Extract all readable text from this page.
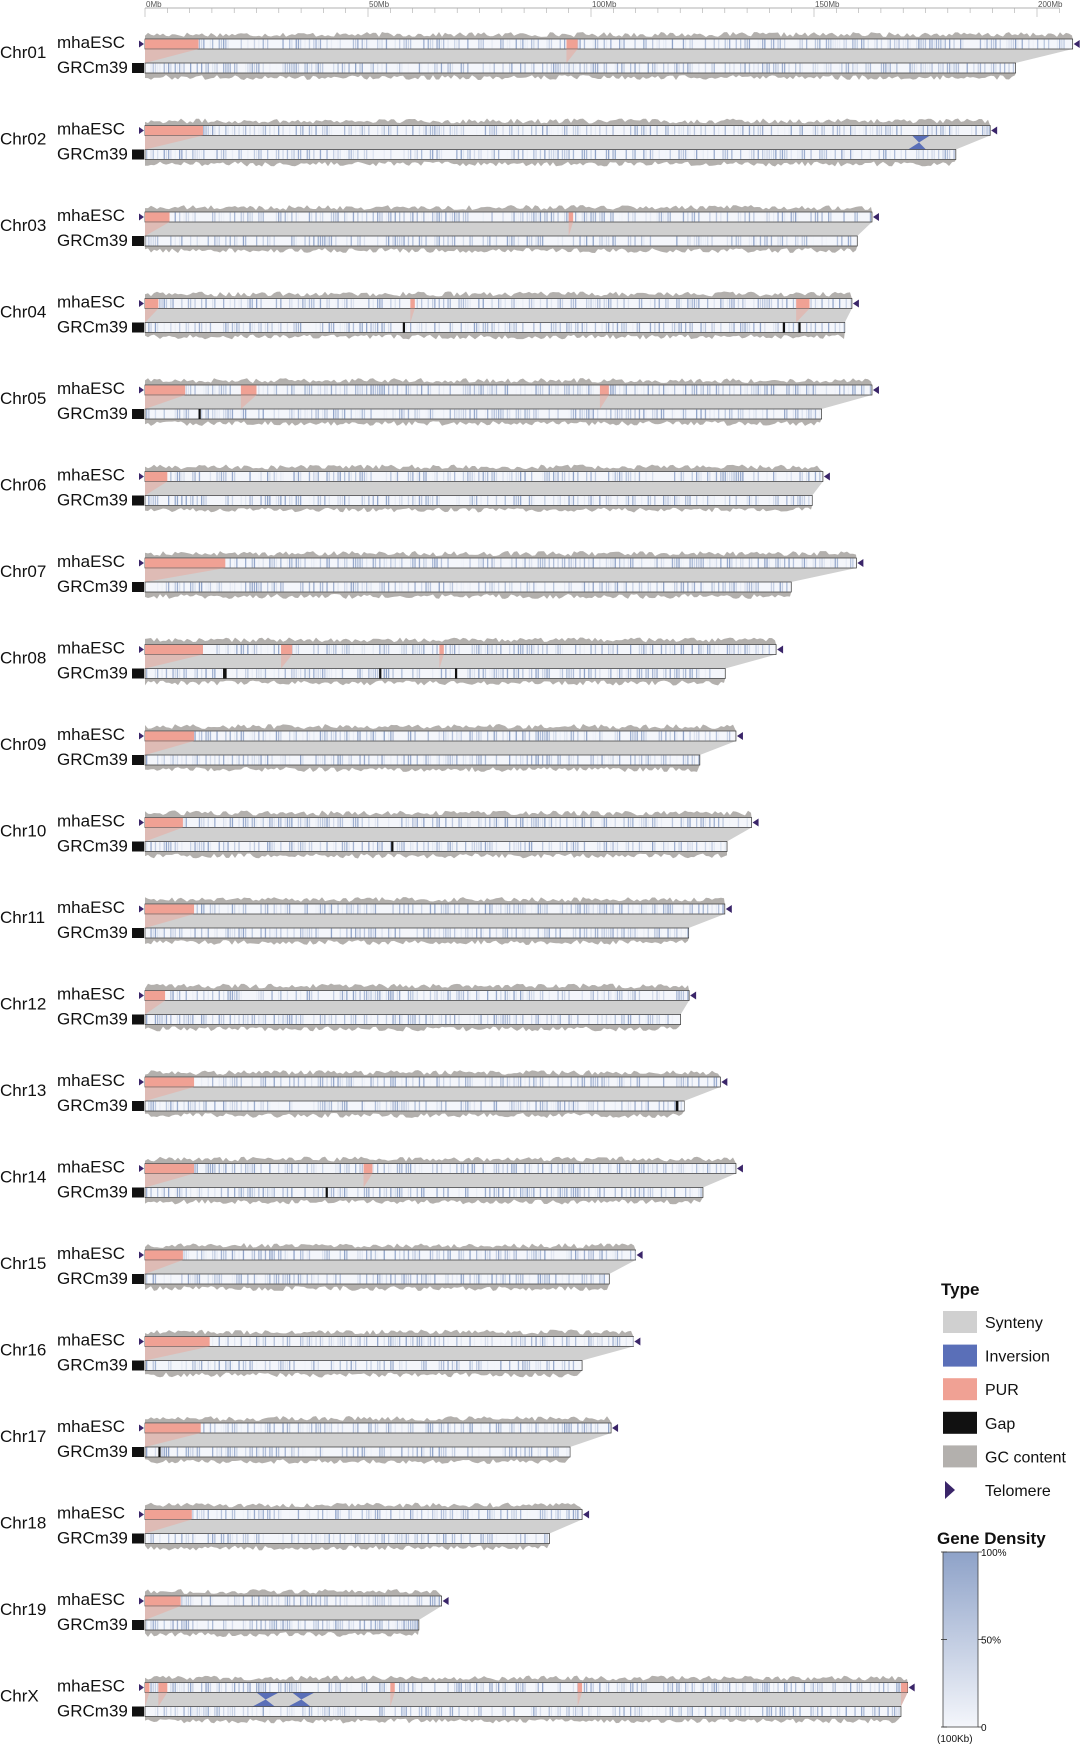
0Mb	50Mb	100Mb	150Mb	200Mb
Chr01
mhaESC
GRCm39
Chr02
mhaESC
GRCm39
Chr03
mhaESC
GRCm39
Chr04
mhaESC
GRCm39
Chr05
mhaESC
GRCm39
Chr06
mhaESC
GRCm39
Chr07
mhaESC
GRCm39
Chr08
mhaESC
GRCm39
Chr09
mhaESC
GRCm39
Chr10
mhaESC
GRCm39
Chr11
mhaESC
GRCm39
Chr12
mhaESC
GRCm39
Chr13
mhaESC
GRCm39
Chr14
mhaESC
GRCm39
Chr15
mhaESC
GRCm39
Chr16
mhaESC
GRCm39
Chr17
mhaESC
GRCm39
Chr18
mhaESC
GRCm39
Chr19
mhaESC
GRCm39
ChrX
mhaESC
GRCm39
Type
Synteny
Inversion
PUR
Gap
GC content
Telomere
Gene Density
100%
50%
0
(100Kb)
